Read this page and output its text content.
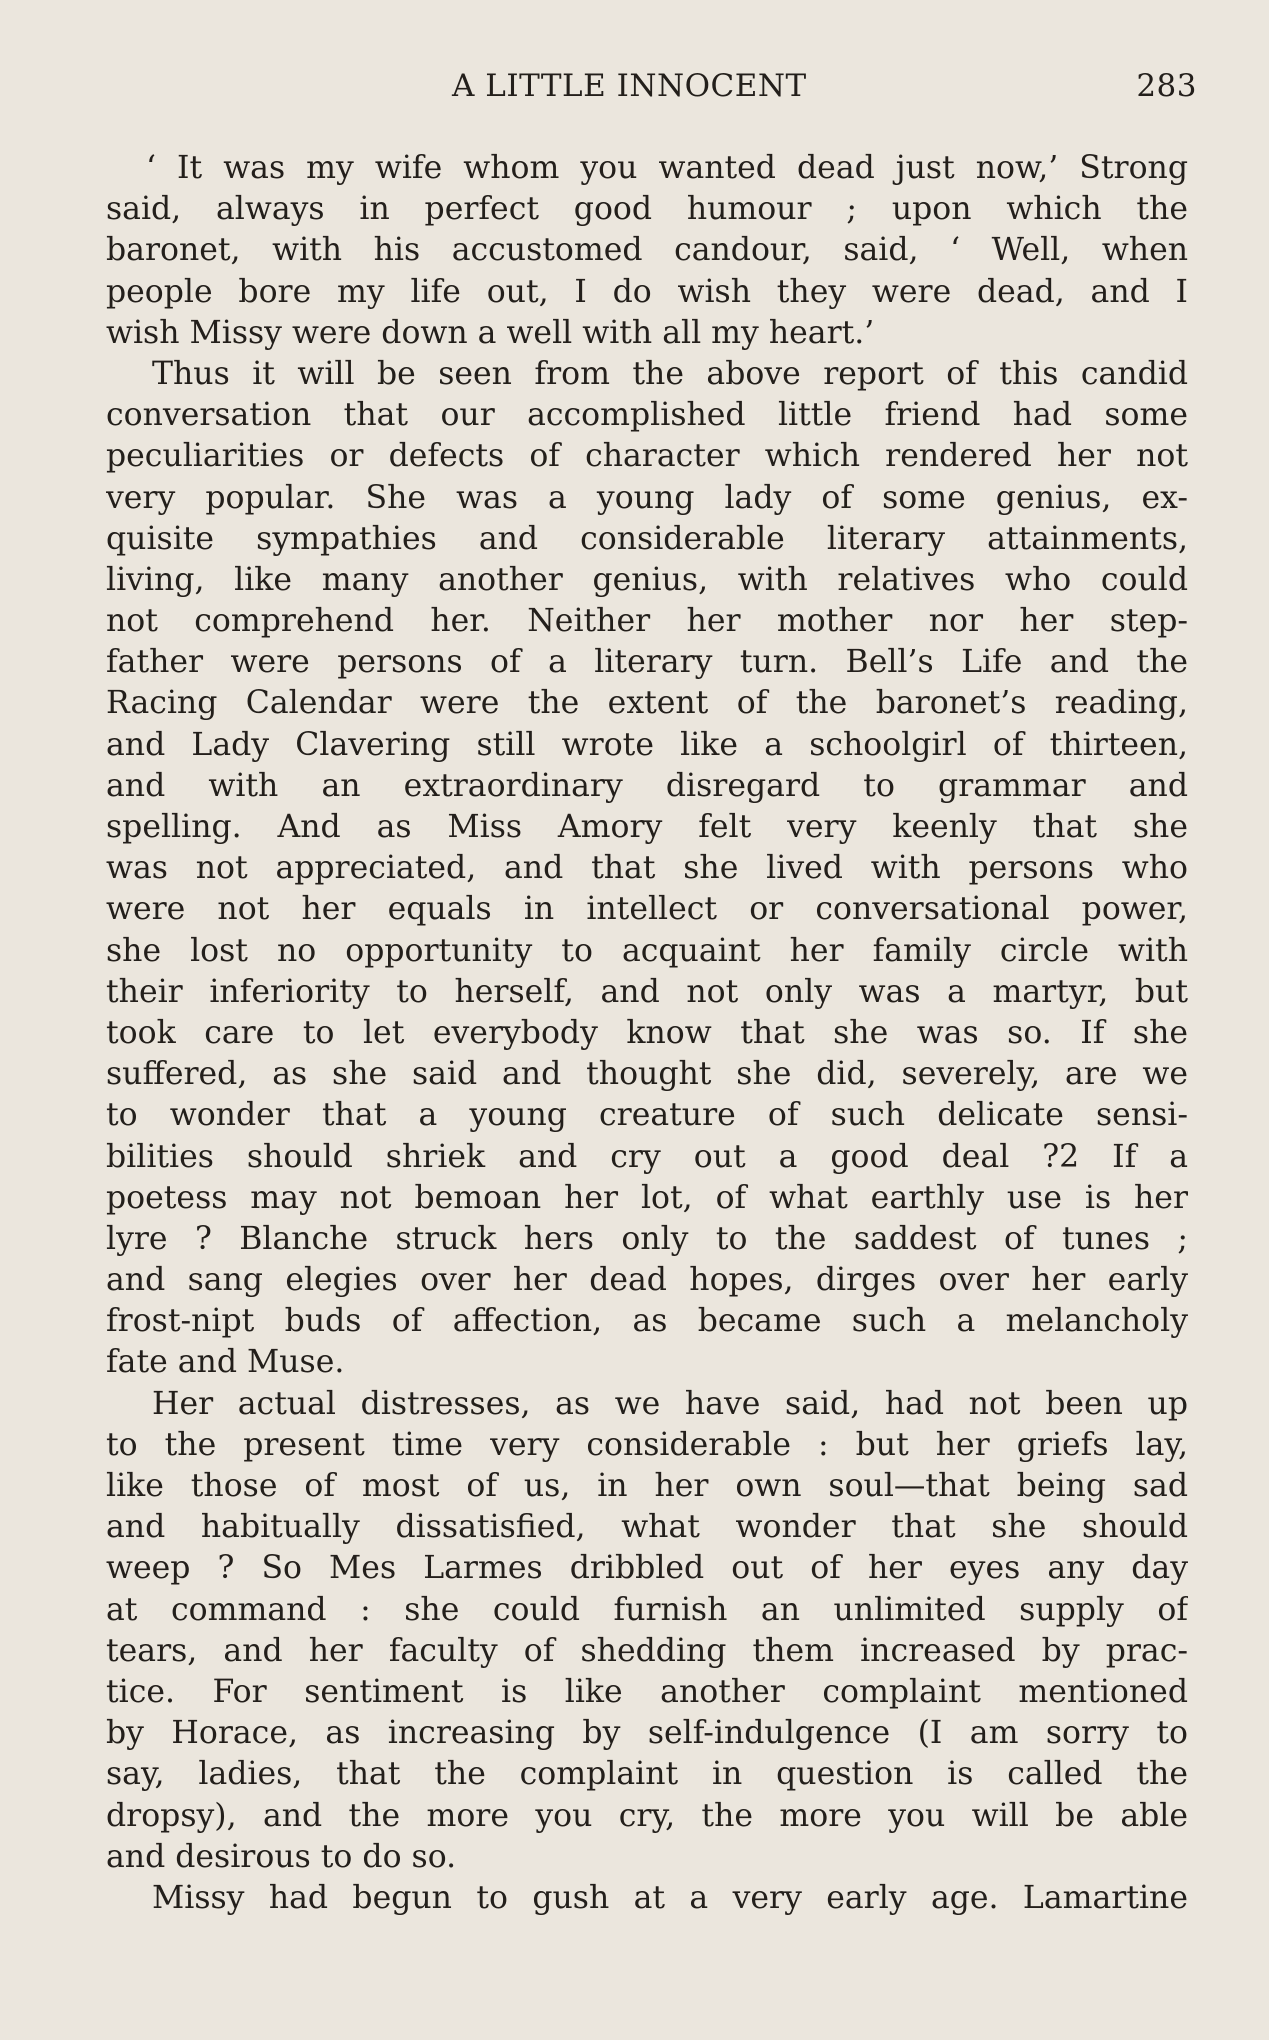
A LITTLE INNOCENT	283
‘ It was my wife whom you wanted dead just now,’ Strong
said, always in perfect good humour ; upon which the
baronet, with his accustomed candour, said, ‘ Well, when
people bore my life out, I do wish they were dead, and I
wish Missy were down a well with all my heart.’
Thus it will be seen from the above report of this candid
conversation that our accomplished little friend had some
peculiarities or defects of character which rendered her not
very popular. She was a young lady of some genius, ex-
quisite sympathies and considerable literary attainments,
living, like many another genius, with relatives who could
not comprehend her. Neither her mother nor her step-
father were persons of a literary turn. Bell’s Life and the
Racing Calendar were the extent of the baronet’s reading,
and Lady Clavering still wrote like a schoolgirl of thirteen,
and with an extraordinary disregard to grammar and
spelling. And as Miss Amory felt very keenly that she
was not appreciated, and that she lived with persons who
were not her equals in intellect or conversational power,
she lost no opportunity to acquaint her family circle with
their inferiority to herself, and not only was a martyr, but
took care to let everybody know that she was so. If she
suffered, as she said and thought she did, severely, are we
to wonder that a young creature of such delicate sensi-
bilities should shriek and cry out a good deal ?2 If a
poetess may not bemoan her lot, of what earthly use is her
lyre ? Blanche struck hers only to the saddest of tunes ;
and sang elegies over her dead hopes, dirges over her early
frost-nipt buds of affection, as became such a melancholy
fate and Muse.
Her actual distresses, as we have said, had not been up
to the present time very considerable : but her griefs lay,
like those of most of us, in her own soul—that being sad
and habitually dissatisfied, what wonder that she should
weep ? So Mes Larmes dribbled out of her eyes any day
at command : she could furnish an unlimited supply of
tears, and her faculty of shedding them increased by prac-
tice. For sentiment is like another complaint mentioned
by Horace, as increasing by self-indulgence (I am sorry to
say, ladies, that the complaint in question is called the
dropsy), and the more you cry, the more you will be able
and desirous to do so.
Missy had begun to gush at a very early age. Lamartine
